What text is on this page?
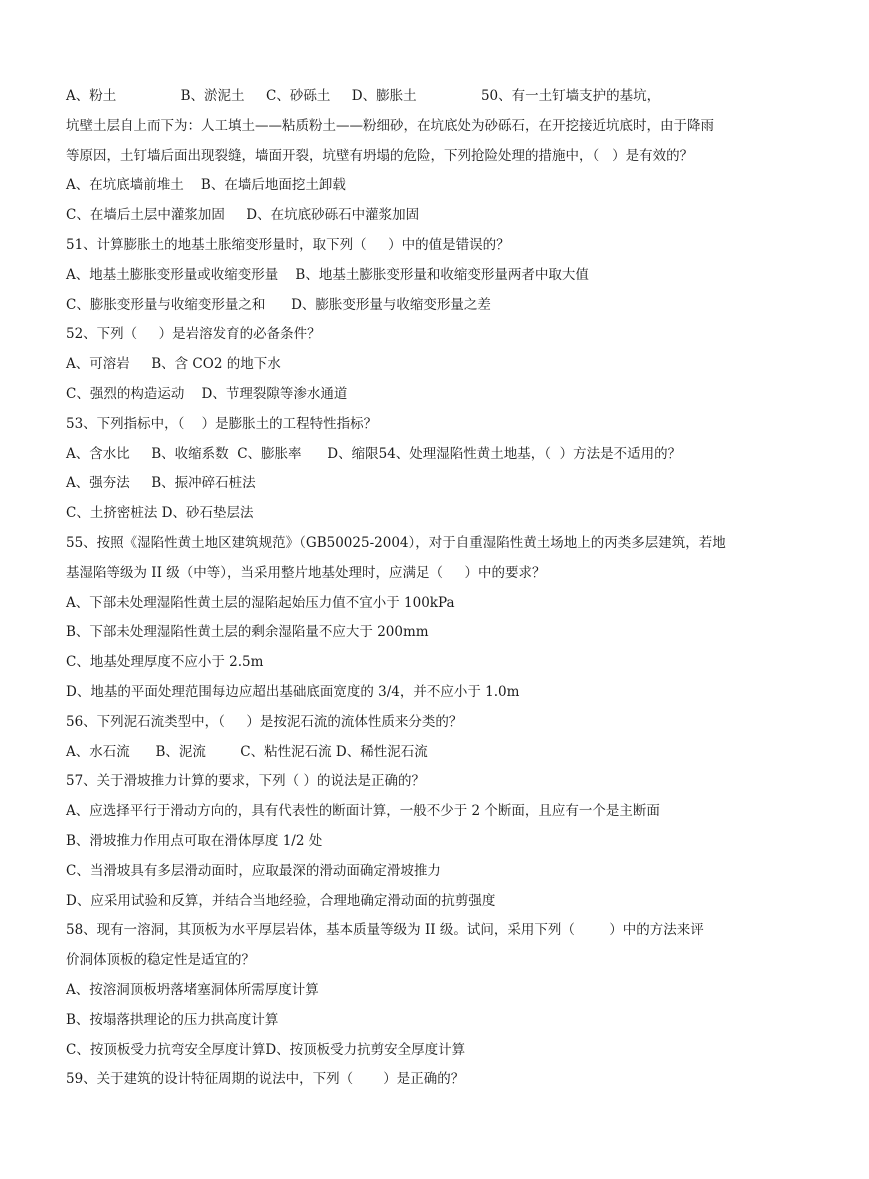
A、粉土               B、淤泥土     C、砂砾土     D、膨胀土               50、有一土钉墙支护的基坑，
坑壁土层自上而下为：人工填土——粘质粉土——粉细砂，在坑底处为砂砾石，在开挖接近坑底时，由于降雨
等原因，土钉墙后面出现裂缝，墙面开裂，坑壁有坍塌的危险，下列抢险处理的措施中，（   ）是有效的？
A、在坑底墙前堆土    B、在墙后地面挖土卸载
C、在墙后土层中灌浆加固     D、在坑底砂砾石中灌浆加固
51、计算膨胀土的地基土胀缩变形量时，取下列（     ）中的值是错误的？
A、地基土膨胀变形量或收缩变形量    B、地基土膨胀变形量和收缩变形量两者中取大值
C、膨胀变形量与收缩变形量之和      D、膨胀变形量与收缩变形量之差
52、下列（     ）是岩溶发育的必备条件？
A、可溶岩     B、含 CO2 的地下水
C、强烈的构造运动    D、节理裂隙等渗水通道
53、下列指标中，（    ）是膨胀土的工程特性指标？
A、含水比     B、收缩系数  C、膨胀率      D、缩限54、处理湿陷性黄土地基，（  ）方法是不适用的？
A、强夯法     B、振冲碎石桩法
C、土挤密桩法 D、砂石垫层法
55、按照《湿陷性黄土地区建筑规范》（GB50025-2004），对于自重湿陷性黄土场地上的丙类多层建筑，若地
基湿陷等级为 II 级（中等），当采用整片地基处理时，应满足（     ）中的要求？
A、下部未处理湿陷性黄土层的湿陷起始压力值不宜小于 100kPa
B、下部未处理湿陷性黄土层的剩余湿陷量不应大于 200mm
C、地基处理厚度不应小于 2.5m
D、地基的平面处理范围每边应超出基础底面宽度的 3/4，并不应小于 1.0m
56、下列泥石流类型中，（     ）是按泥石流的流体性质来分类的？
A、水石流      B、泥流        C、粘性泥石流 D、稀性泥石流
57、关于滑坡推力计算的要求，下列（ ）的说法是正确的？
A、应选择平行于滑动方向的，具有代表性的断面计算，一般不少于 2 个断面，且应有一个是主断面
B、滑坡推力作用点可取在滑体厚度 1/2 处
C、当滑坡具有多层滑动面时，应取最深的滑动面确定滑坡推力
D、应采用试验和反算，并结合当地经验，合理地确定滑动面的抗剪强度
58、现有一溶洞，其顶板为水平厚层岩体，基本质量等级为 II 级。试问，采用下列（        ）中的方法来评
价洞体顶板的稳定性是适宜的？
A、按溶洞顶板坍落堵塞洞体所需厚度计算
B、按塌落拱理论的压力拱高度计算
C、按顶板受力抗弯安全厚度计算D、按顶板受力抗剪安全厚度计算
59、关于建筑的设计特征周期的说法中，下列（       ）是正确的？
